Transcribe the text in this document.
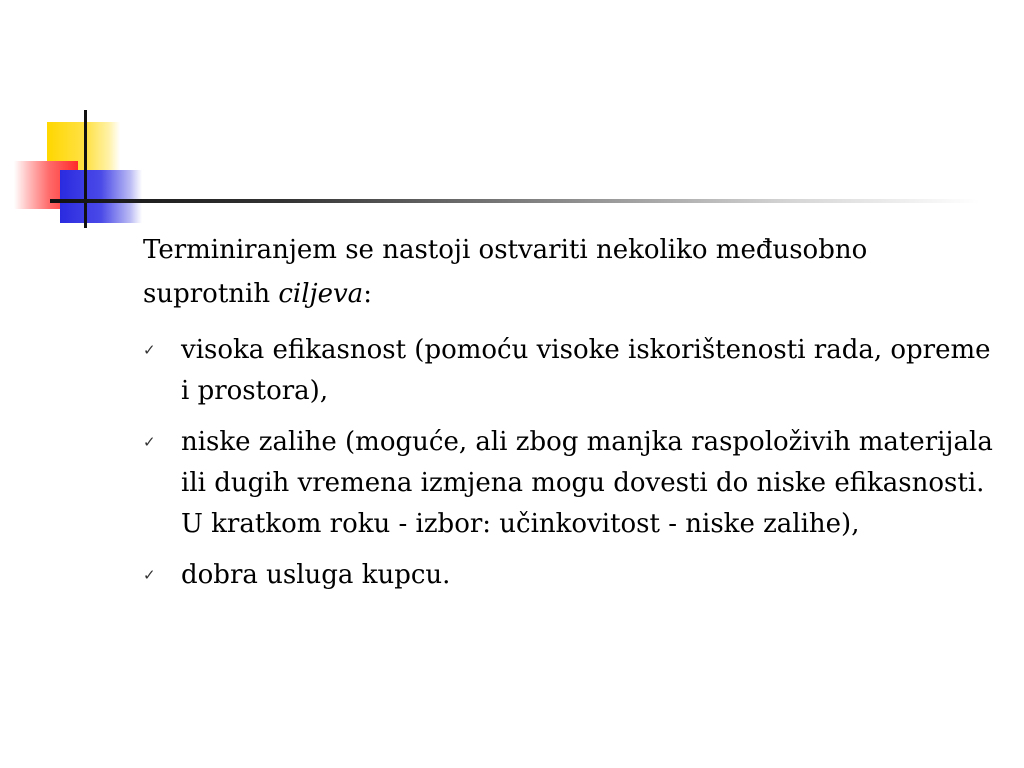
Terminiranjem se nastoji ostvariti nekoliko međusobno
suprotnih ciljeva:

✓ visoka efikasnost (pomoću visoke iskorištenosti rada, opreme i prostora),
✓ niske zalihe (moguće, ali zbog manjka raspoloživih materijala ili dugih vremena izmjena mogu dovesti do niske efikasnosti. U kratkom roku - izbor: učinkovitost - niske zalihe),
✓ dobra usluga kupcu.
